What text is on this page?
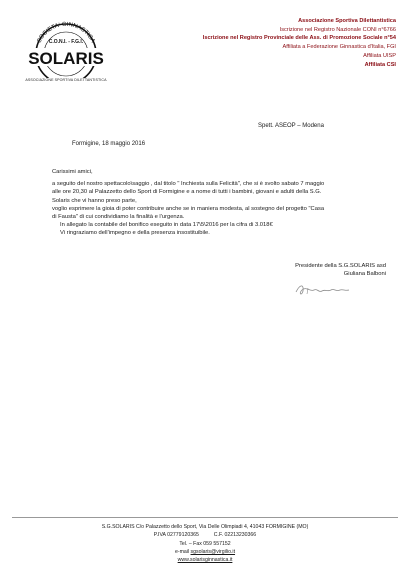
SOCIETA' GINNASTICA
C.O.N.I. - F.G.I.
SOLARIS
ASSOCIAZIONE SPORTIVA DILETTANTISTICA
Associazione Sportiva Dilettantistica
Iscrizione nel Registro Nazionale CONI n°6766
Iscrizione nel Registro Provinciale delle Ass. di Promozione Sociale n°54
Affiliata a Federazione Ginnastica d'Italia, FGI
Affiliata UISP
Affiliata CSI
Spett. ASEOP – Modena
Formigine, 18 maggio 2016

Carissimi amici,

a seguito del nostro spettacolo\saggio , dal titolo " Inchiesta sulla Felicità", che si è svolto sabato 7 maggio

alle ore 20,30 al Palazzetto dello Sport di Formigine e a nome di tutti i bambini, giovani e adulti della S.G.

Solaris che vi hanno preso parte,

voglio esprimere la gioia di poter contribuire anche se in maniera modesta, al sostegno del progetto "Casa

di Fausta" di cui condividiamo la finalità e l'urgenza.

In allegato la contabile del bonifico eseguito in data 17\5\2016 per la cifra di 3.018€

Vi ringraziamo dell'impegno e della presenza insostituibile.

Presidente della S.G.SOLARIS asd
Giuliana Balboni
S.G.SOLARIS C/o Palazzetto dello Sport, Via Delle Olimpiadi 4, 41043 FORMIGINE (MO)
P.IVA 02779120365	C.F. 02213230366
Tel. – Fax 059 557152
e-mail sgsolaris@virgilio.it
www.solarisginnastica.it
